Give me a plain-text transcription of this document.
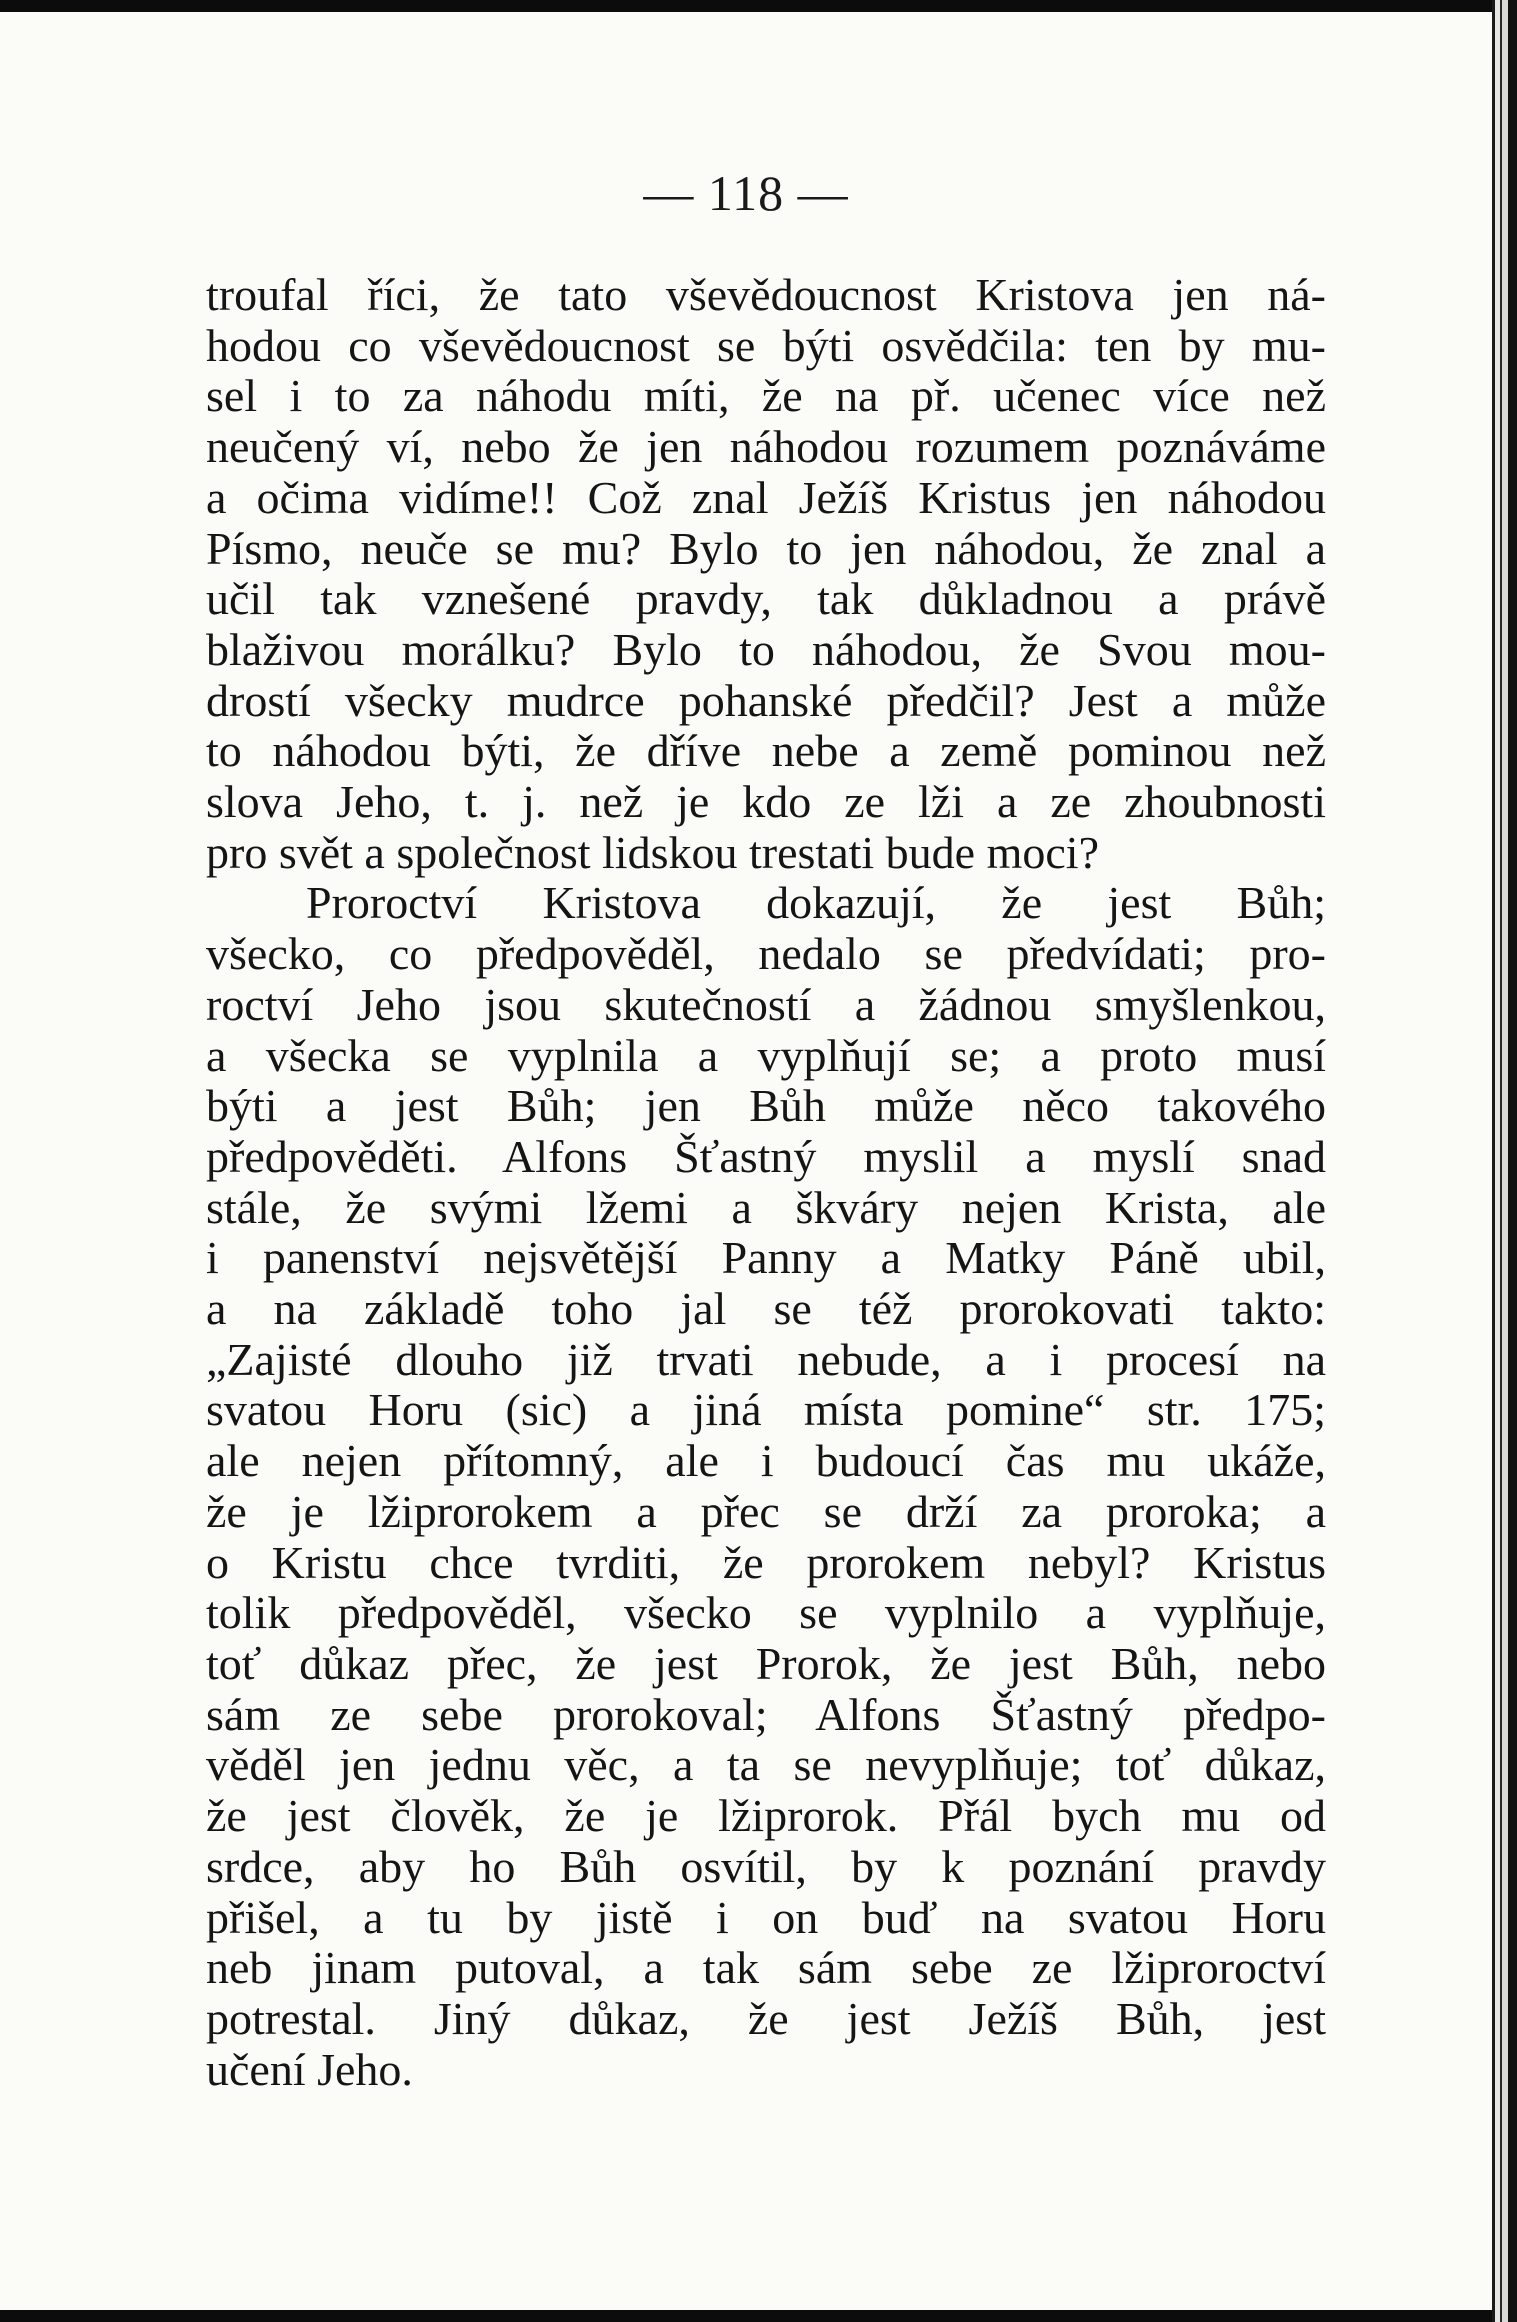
— 118 —
troufal říci, že tato vševědoucnost Kristova jen ná-
hodou co vševědoucnost se býti osvědčila: ten by mu-
sel i to za náhodu míti, že na př. učenec více než
neučený ví, nebo že jen náhodou rozumem poznáváme
a očima vidíme!! Což znal Ježíš Kristus jen náhodou
Písmo, neuče se mu? Bylo to jen náhodou, že znal a
učil tak vznešené pravdy, tak důkladnou a právě
blaživou morálku? Bylo to náhodou, že Svou mou-
drostí všecky mudrce pohanské předčil? Jest a může
to náhodou býti, že dříve nebe a země pominou než
slova Jeho, t. j. než je kdo ze lži a ze zhoubnosti
pro svět a společnost lidskou trestati bude moci?
Proroctví Kristova dokazují, že jest Bůh;
všecko, co předpověděl, nedalo se předvídati; pro-
roctví Jeho jsou skutečností a žádnou smyšlenkou,
a všecka se vyplnila a vyplňují se; a proto musí
býti a jest Bůh; jen Bůh může něco takového
předpověděti. Alfons Šťastný myslil a myslí snad
stále, že svými lžemi a škváry nejen Krista, ale
i panenství nejsvětější Panny a Matky Páně ubil,
a na základě toho jal se též prorokovati takto:
„Zajisté dlouho již trvati nebude, a i procesí na
svatou Horu (sic) a jiná místa pomine“ str. 175;
ale nejen přítomný, ale i budoucí čas mu ukáže,
že je lžiprorokem a přec se drží za proroka; a
o Kristu chce tvrditi, že prorokem nebyl? Kristus
tolik předpověděl, všecko se vyplnilo a vyplňuje,
toť důkaz přec, že jest Prorok, že jest Bůh, nebo
sám ze sebe prorokoval; Alfons Šťastný předpo-
věděl jen jednu věc, a ta se nevyplňuje; toť důkaz,
že jest člověk, že je lžiprorok. Přál bych mu od
srdce, aby ho Bůh osvítil, by k poznání pravdy
přišel, a tu by jistě i on buď na svatou Horu
neb jinam putoval, a tak sám sebe ze lžiproroctví
potrestal. Jiný důkaz, že jest Ježíš Bůh, jest
učení Jeho.
